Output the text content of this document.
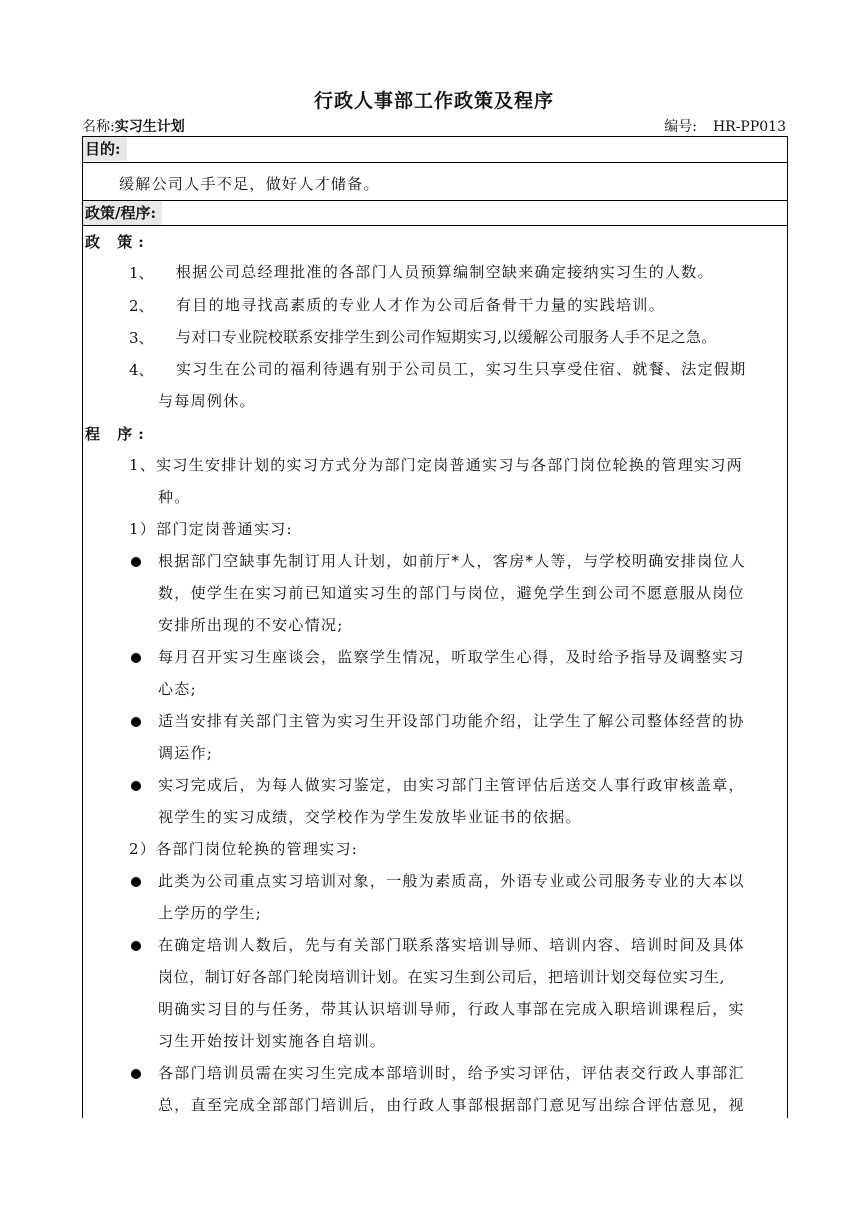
行政人事部工作政策及程序
名称:实习生计划	编号: HR-PP013
目的:
缓解公司人手不足，做好人才储备。
政策/程序:
政 策:
1、 根据公司总经理批准的各部门人员预算编制空缺来确定接纳实习生的人数。
2、 有目的地寻找高素质的专业人才作为公司后备骨干力量的实践培训。
3、 与对口专业院校联系安排学生到公司作短期实习,以缓解公司服务人手不足之急。
4、 实习生在公司的福利待遇有别于公司员工，实习生只享受住宿、就餐、法定假期
与每周例休。
程 序:
1、实习生安排计划的实习方式分为部门定岗普通实习与各部门岗位轮换的管理实习两
种。
1）部门定岗普通实习:
根据部门空缺事先制订用人计划，如前厅*人，客房*人等，与学校明确安排岗位人
数，使学生在实习前已知道实习生的部门与岗位，避免学生到公司不愿意服从岗位
安排所出现的不安心情况;
每月召开实习生座谈会，监察学生情况，听取学生心得，及时给予指导及调整实习
心态;
适当安排有关部门主管为实习生开设部门功能介绍，让学生了解公司整体经营的协
调运作;
实习完成后，为每人做实习鉴定，由实习部门主管评估后送交人事行政审核盖章，
视学生的实习成绩，交学校作为学生发放毕业证书的依据。
2）各部门岗位轮换的管理实习:
此类为公司重点实习培训对象，一般为素质高，外语专业或公司服务专业的大本以
上学历的学生;
在确定培训人数后，先与有关部门联系落实培训导师、培训内容、培训时间及具体
岗位，制订好各部门轮岗培训计划。在实习生到公司后，把培训计划交每位实习生,
明确实习目的与任务，带其认识培训导师，行政人事部在完成入职培训课程后，实
习生开始按计划实施各自培训。
各部门培训员需在实习生完成本部培训时，给予实习评估，评估表交行政人事部汇
总，直至完成全部部门培训后，由行政人事部根据部门意见写出综合评估意见，视
